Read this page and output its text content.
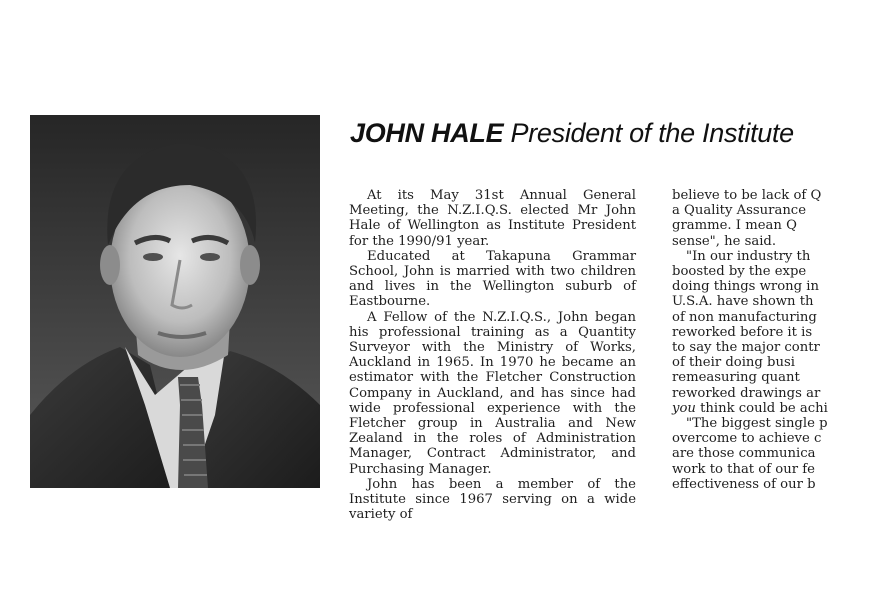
JOHN HALE President of the Institute

At its May 31st Annual General Meeting, the N.Z.I.Q.S. elected Mr John Hale of Wellington as Institute President for the 1990/91 year.

Educated at Takapuna Grammar School, John is married with two children and lives in the Wellington suburb of Eastbourne.

A Fellow of the N.Z.I.Q.S., John began his professional training as a Quantity Surveyor with the Ministry of Works, Auckland in 1965. In 1970 he became an estimator with the Fletcher Construction Company in Auckland, and has since had wide professional experience with the Fletcher group in Australia and New Zealand in the roles of Administration Manager, Contract Administrator, and Purchasing Manager.

John has been a member of the Institute since 1967 serving on a wide variety of

believe to be lack of Q
a Quality Assurance
gramme. I mean Q
sense", he said.
"In our industry th
boosted by the expe
doing things wrong in
U.S.A. have shown th
of non manufacturing
reworked before it is
to say the major contr
of their doing busi
remeasuring quant
reworked drawings ar
you think could be achi
"The biggest single p
overcome to achieve c
are those communica
work to that of our fe
effectiveness of our b
